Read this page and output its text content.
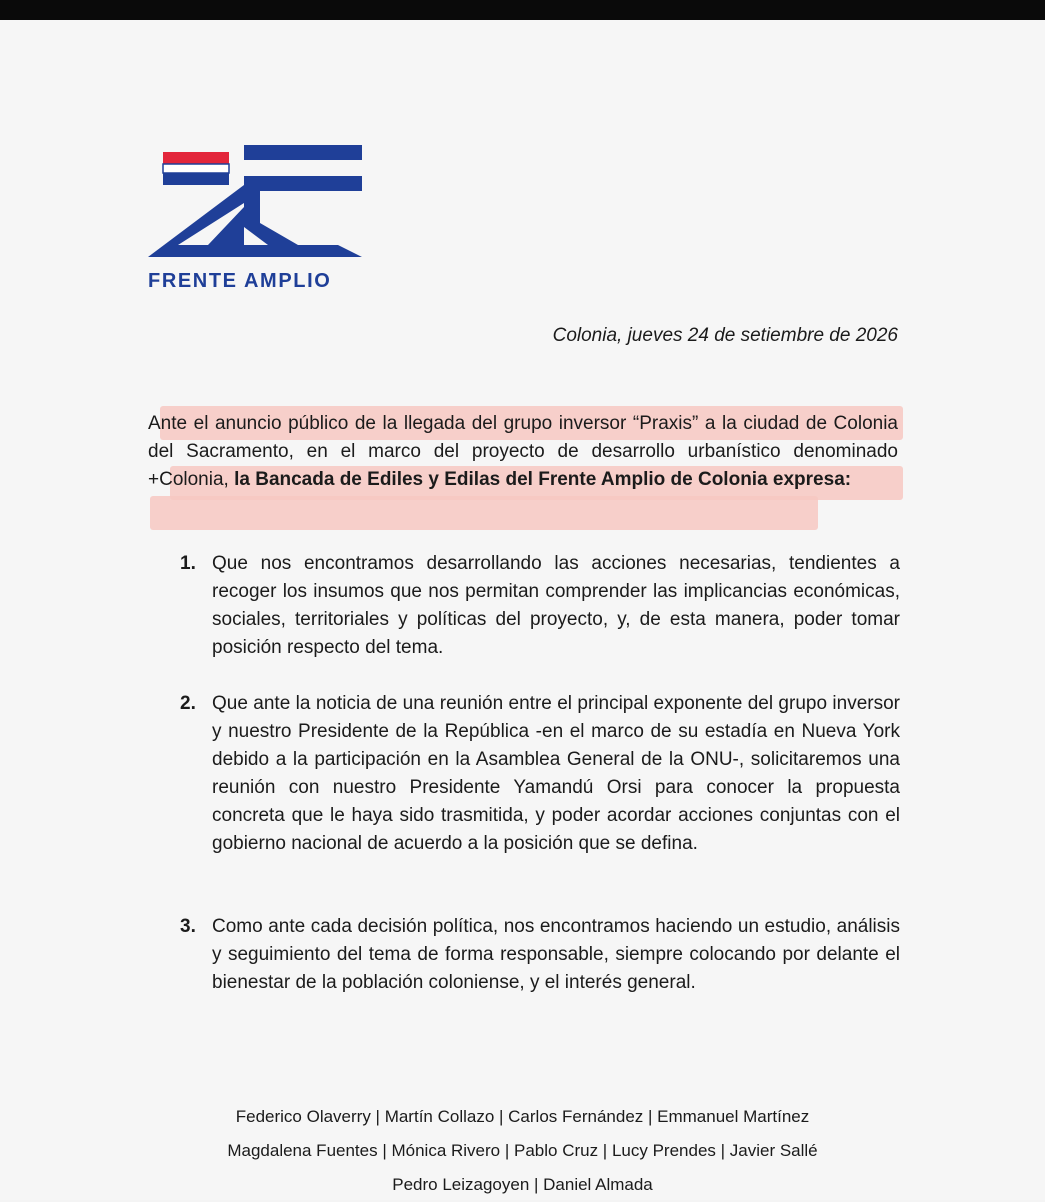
FRENTE AMPLIO
Colonia, jueves 24 de setiembre de 2026
Ante el anuncio público de la llegada del grupo inversor “Praxis” a la ciudad de Colonia del Sacramento, en el marco del proyecto de desarrollo urbanístico denominado +Colonia, la Bancada de Ediles y Edilas del Frente Amplio de Colonia expresa:
1. Que nos encontramos desarrollando las acciones necesarias, tendientes a recoger los insumos que nos permitan comprender las implicancias económicas, sociales, territoriales y políticas del proyecto, y, de esta manera, poder tomar posición respecto del tema.
2. Que ante la noticia de una reunión entre el principal exponente del grupo inversor y nuestro Presidente de la República -en el marco de su estadía en Nueva York debido a la participación en la Asamblea General de la ONU-, solicitaremos una reunión con nuestro Presidente Yamandú Orsi para conocer la propuesta concreta que le haya sido trasmitida, y poder acordar acciones conjuntas con el gobierno nacional de acuerdo a la posición que se defina.
3. Como ante cada decisión política, nos encontramos haciendo un estudio, análisis y seguimiento del tema de forma responsable, siempre colocando por delante el bienestar de la población coloniense, y el interés general.
Federico Olaverry | Martín Collazo | Carlos Fernández | Emmanuel Martínez
Magdalena Fuentes | Mónica Rivero | Pablo Cruz | Lucy Prendes | Javier Sallé
Pedro Leizagoyen | Daniel Almada
